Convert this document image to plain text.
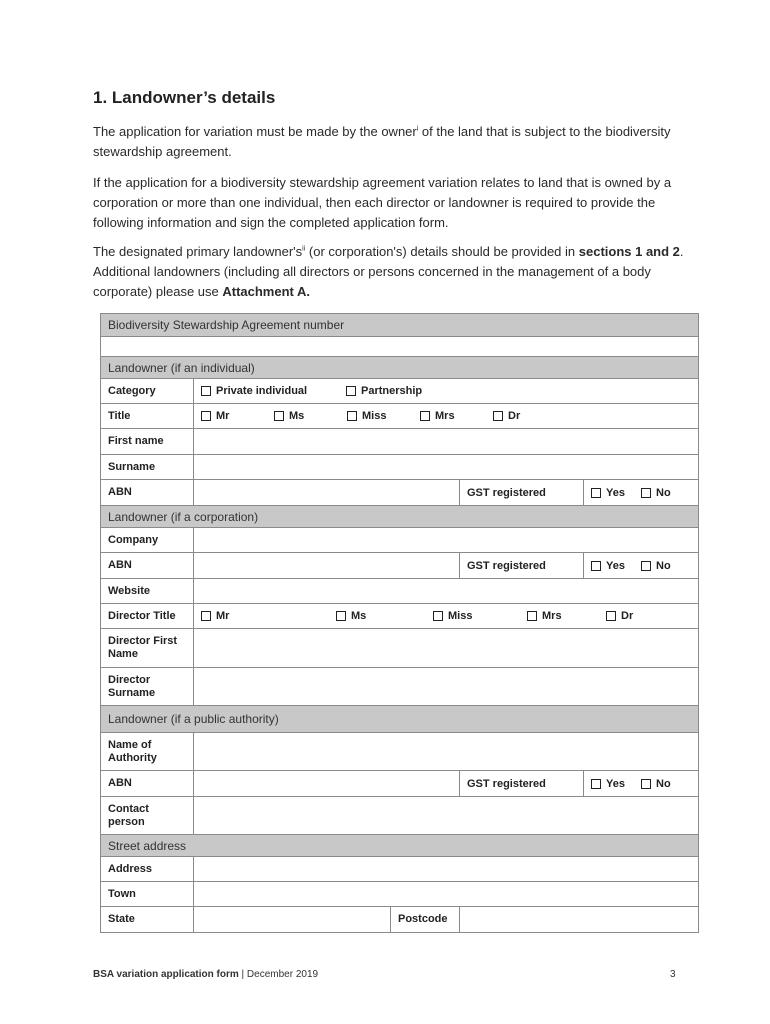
1. Landowner’s details

The application for variation must be made by the owner$^i$ of the land that is subject to the biodiversity stewardship agreement.

If the application for a biodiversity stewardship agreement variation relates to land that is owned by a corporation or more than one individual, then each director or landowner is required to provide the following information and sign the completed application form.

The designated primary $landowner's^{ii}$ (or corporation's) details should be provided in sections 1 and 2. Additional landowners (including all directors or persons concerned in the management of a body corporate) please use Attachment A.

Biodiversity Stewardship Agreement number				

Landowner (if an individual)				
Category	Private individual Partnership			

Title	Mr Ms Miss Mrs Dr			

First name				
Surname				
ABN			GST registered	Yes No

Landowner (if a corporation)				
Company				
ABN			GST registered	Yes No

Website				
Director Title	Mr Ms Miss Mrs Dr			

Director First Name				
Director Surname				
Landowner (if a public authority)				
Name of Authority				
ABN			GST registered	Yes No

Contact person				
Street address				
Address				
Town				
State		Postcode		
BSA variation application form | December 2019	3
